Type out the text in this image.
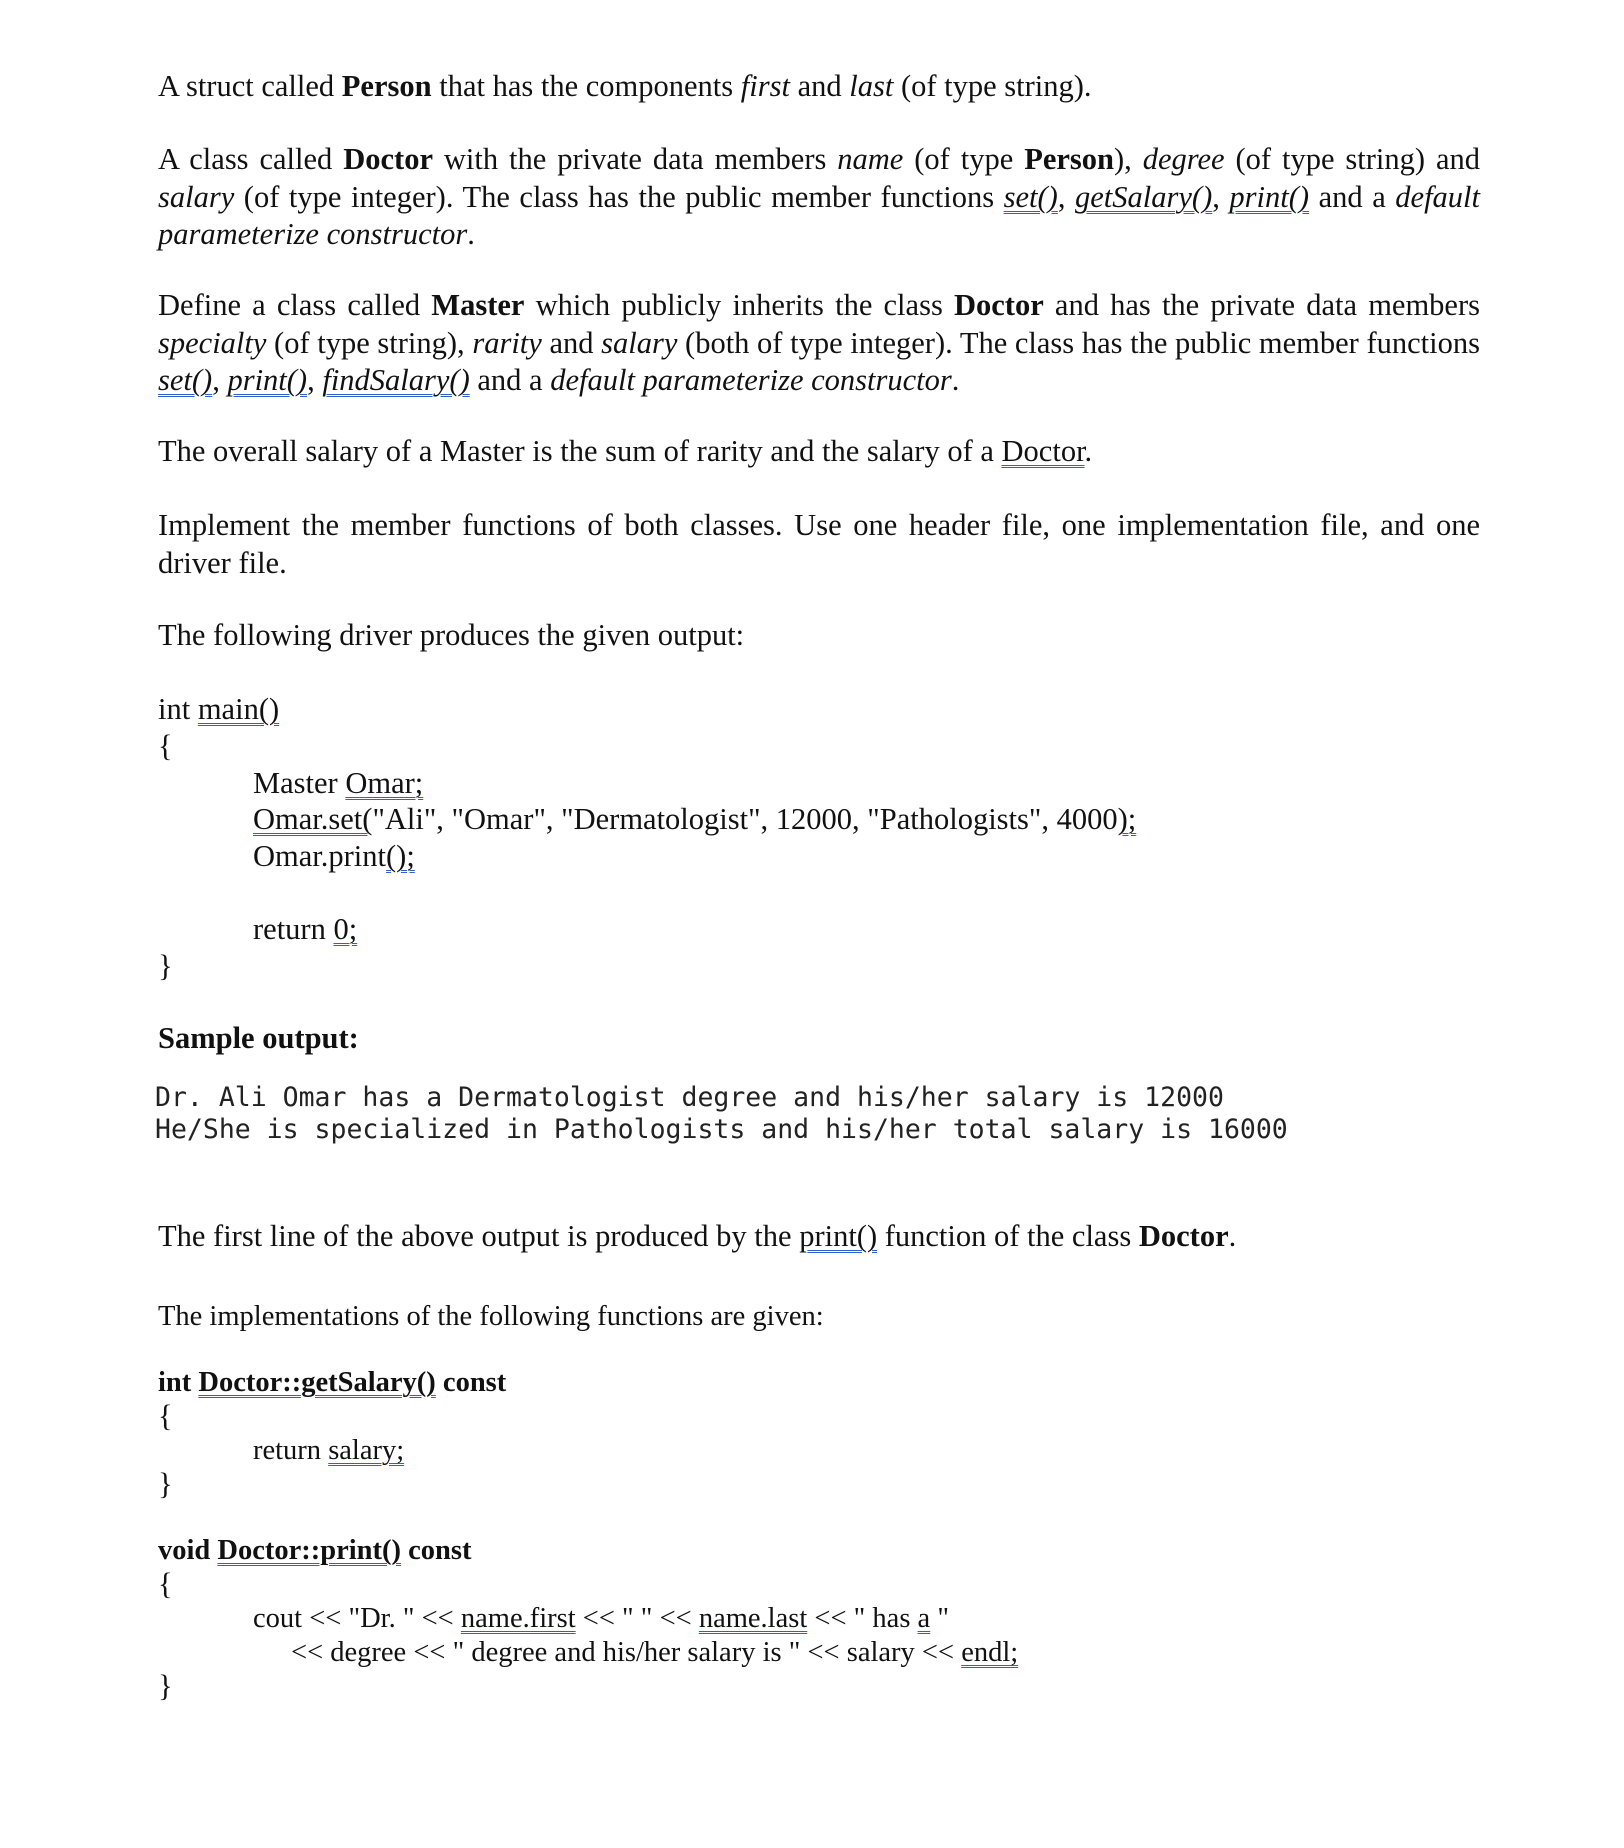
A struct called Person that has the components first and last (of type string).

A class called Doctor with the private data members name (of type Person), degree (of type string) and salary (of type integer). The class has the public member functions set(), getSalary(), print() and a default parameterize constructor.

Define a class called Master which publicly inherits the class Doctor and has the private data members specialty (of type string), rarity and salary (both of type integer). The class has the public member functions set(), print(), findSalary() and a default parameterize constructor.

The overall salary of a Master is the sum of rarity and the salary of a Doctor.

Implement the member functions of both classes. Use one header file, one implementation file, and one driver file.

The following driver produces the given output:

int main()

{

Master Omar;

Omar.set("Ali", "Omar", "Dermatologist", 12000, "Pathologists", 4000);

Omar.print();

return 0;

}

Sample output:

Dr. Ali Omar has a Dermatologist degree and his/her salary is 12000

He/She is specialized in Pathologists and his/her total salary is 16000

The first line of the above output is produced by the print() function of the class Doctor.

The implementations of the following functions are given:

int Doctor::getSalary() const

{

return salary;

}

void Doctor::print() const

{

cout << "Dr. " << name.first << " " << name.last << " has a "

<< degree << " degree and his/her salary is " << salary << endl;

}
